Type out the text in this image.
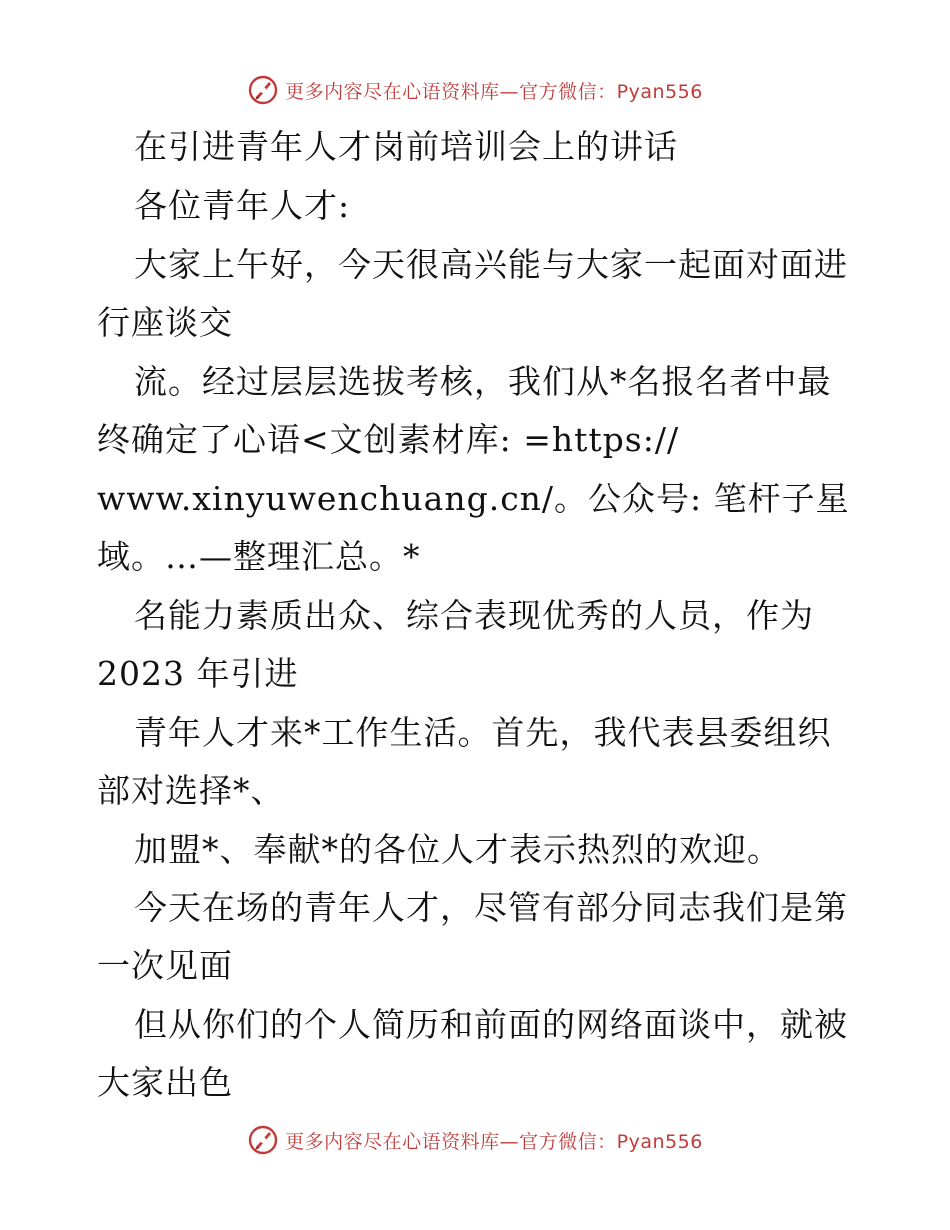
更多内容尽在心语资料库—官方微信：Pyan556
在引进青年人才岗前培训会上的讲话
各位青年人才:
大家上午好，今天很高兴能与大家一起面对面进
行座谈交
流。经过层层选拔考核，我们从*名报名者中最
终确定了心语<文创素材库: =https://
www.xinyuwenchuang.cn/。公众号: 笔杆子星
域。…—整理汇总。*
名能力素质出众、综合表现优秀的人员，作为
2023 年引进
青年人才来*工作生活。首先，我代表县委组织
部对选择*、
加盟*、奉献*的各位人才表示热烈的欢迎。
今天在场的青年人才，尽管有部分同志我们是第
一次见面
但从你们的个人简历和前面的网络面谈中，就被
大家出色
更多内容尽在心语资料库—官方微信：Pyan556
